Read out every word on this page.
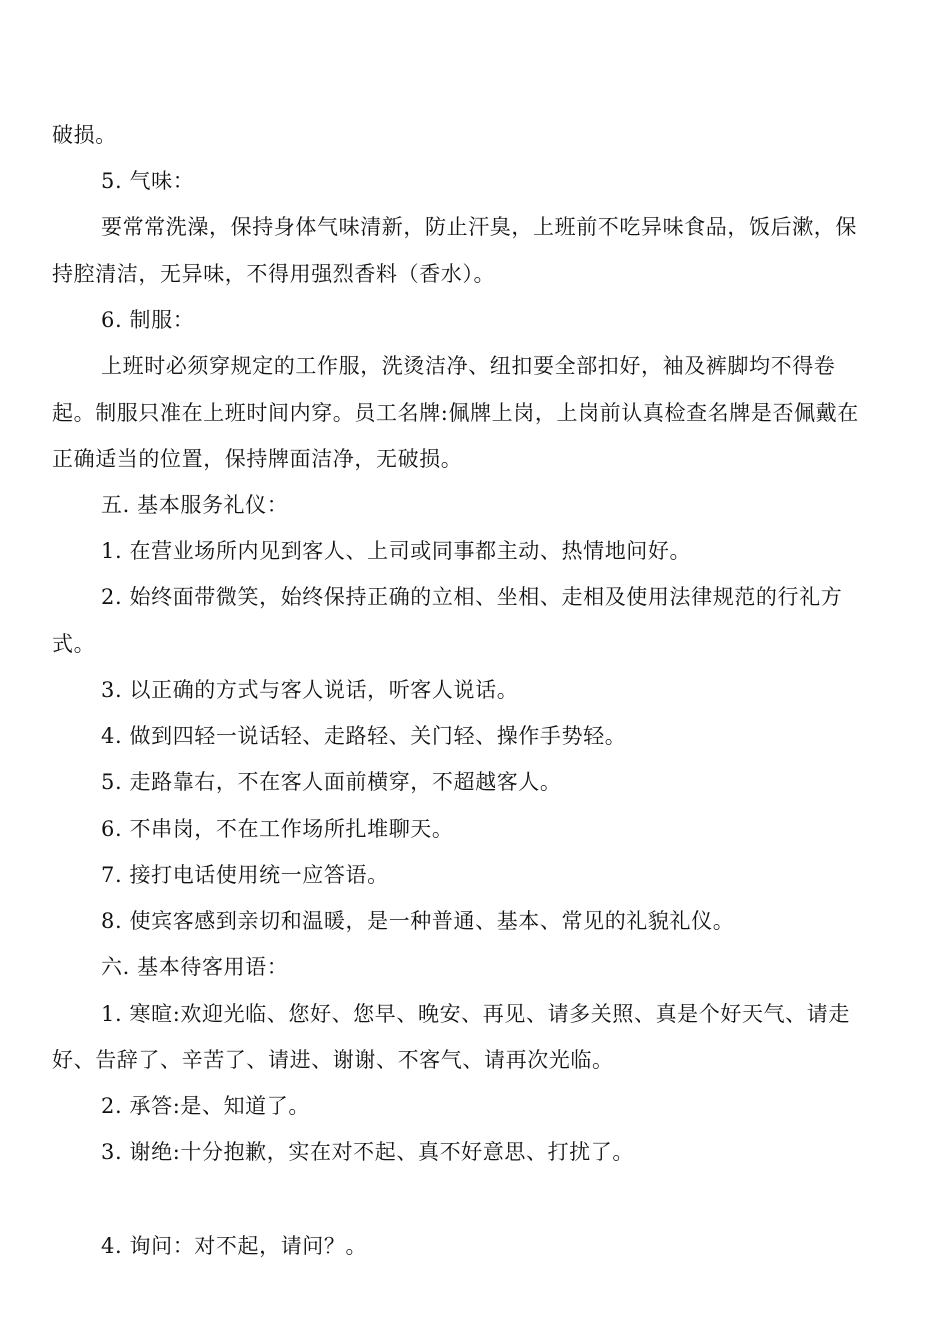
破损。
5. 气味：
要常常洗澡，保持身体气味清新，防止汗臭，上班前不吃异味食品，饭后漱，保
持腔清洁，无异味，不得用强烈香料（香水）。
6. 制服：
上班时必须穿规定的工作服，洗烫洁净、纽扣要全部扣好，袖及裤脚均不得卷
起。制服只准在上班时间内穿。员工名牌:佩牌上岗，上岗前认真检查名牌是否佩戴在
正确适当的位置，保持牌面洁净，无破损。
五. 基本服务礼仪：
1. 在营业场所内见到客人、上司或同事都主动、热情地问好。
2. 始终面带微笑，始终保持正确的立相、坐相、走相及使用法律规范的行礼方
式。
3. 以正确的方式与客人说话，听客人说话。
4. 做到四轻一说话轻、走路轻、关门轻、操作手势轻。
5. 走路靠右，不在客人面前横穿，不超越客人。
6. 不串岗，不在工作场所扎堆聊天。
7. 接打电话使用统一应答语。
8. 使宾客感到亲切和温暖，是一种普通、基本、常见的礼貌礼仪。
六. 基本待客用语：
1. 寒暄:欢迎光临、您好、您早、晚安、再见、请多关照、真是个好天气、请走
好、告辞了、辛苦了、请进、谢谢、不客气、请再次光临。
2. 承答:是、知道了。
3. 谢绝:十分抱歉，实在对不起、真不好意思、打扰了。
4. 询问：对不起，请问？。
